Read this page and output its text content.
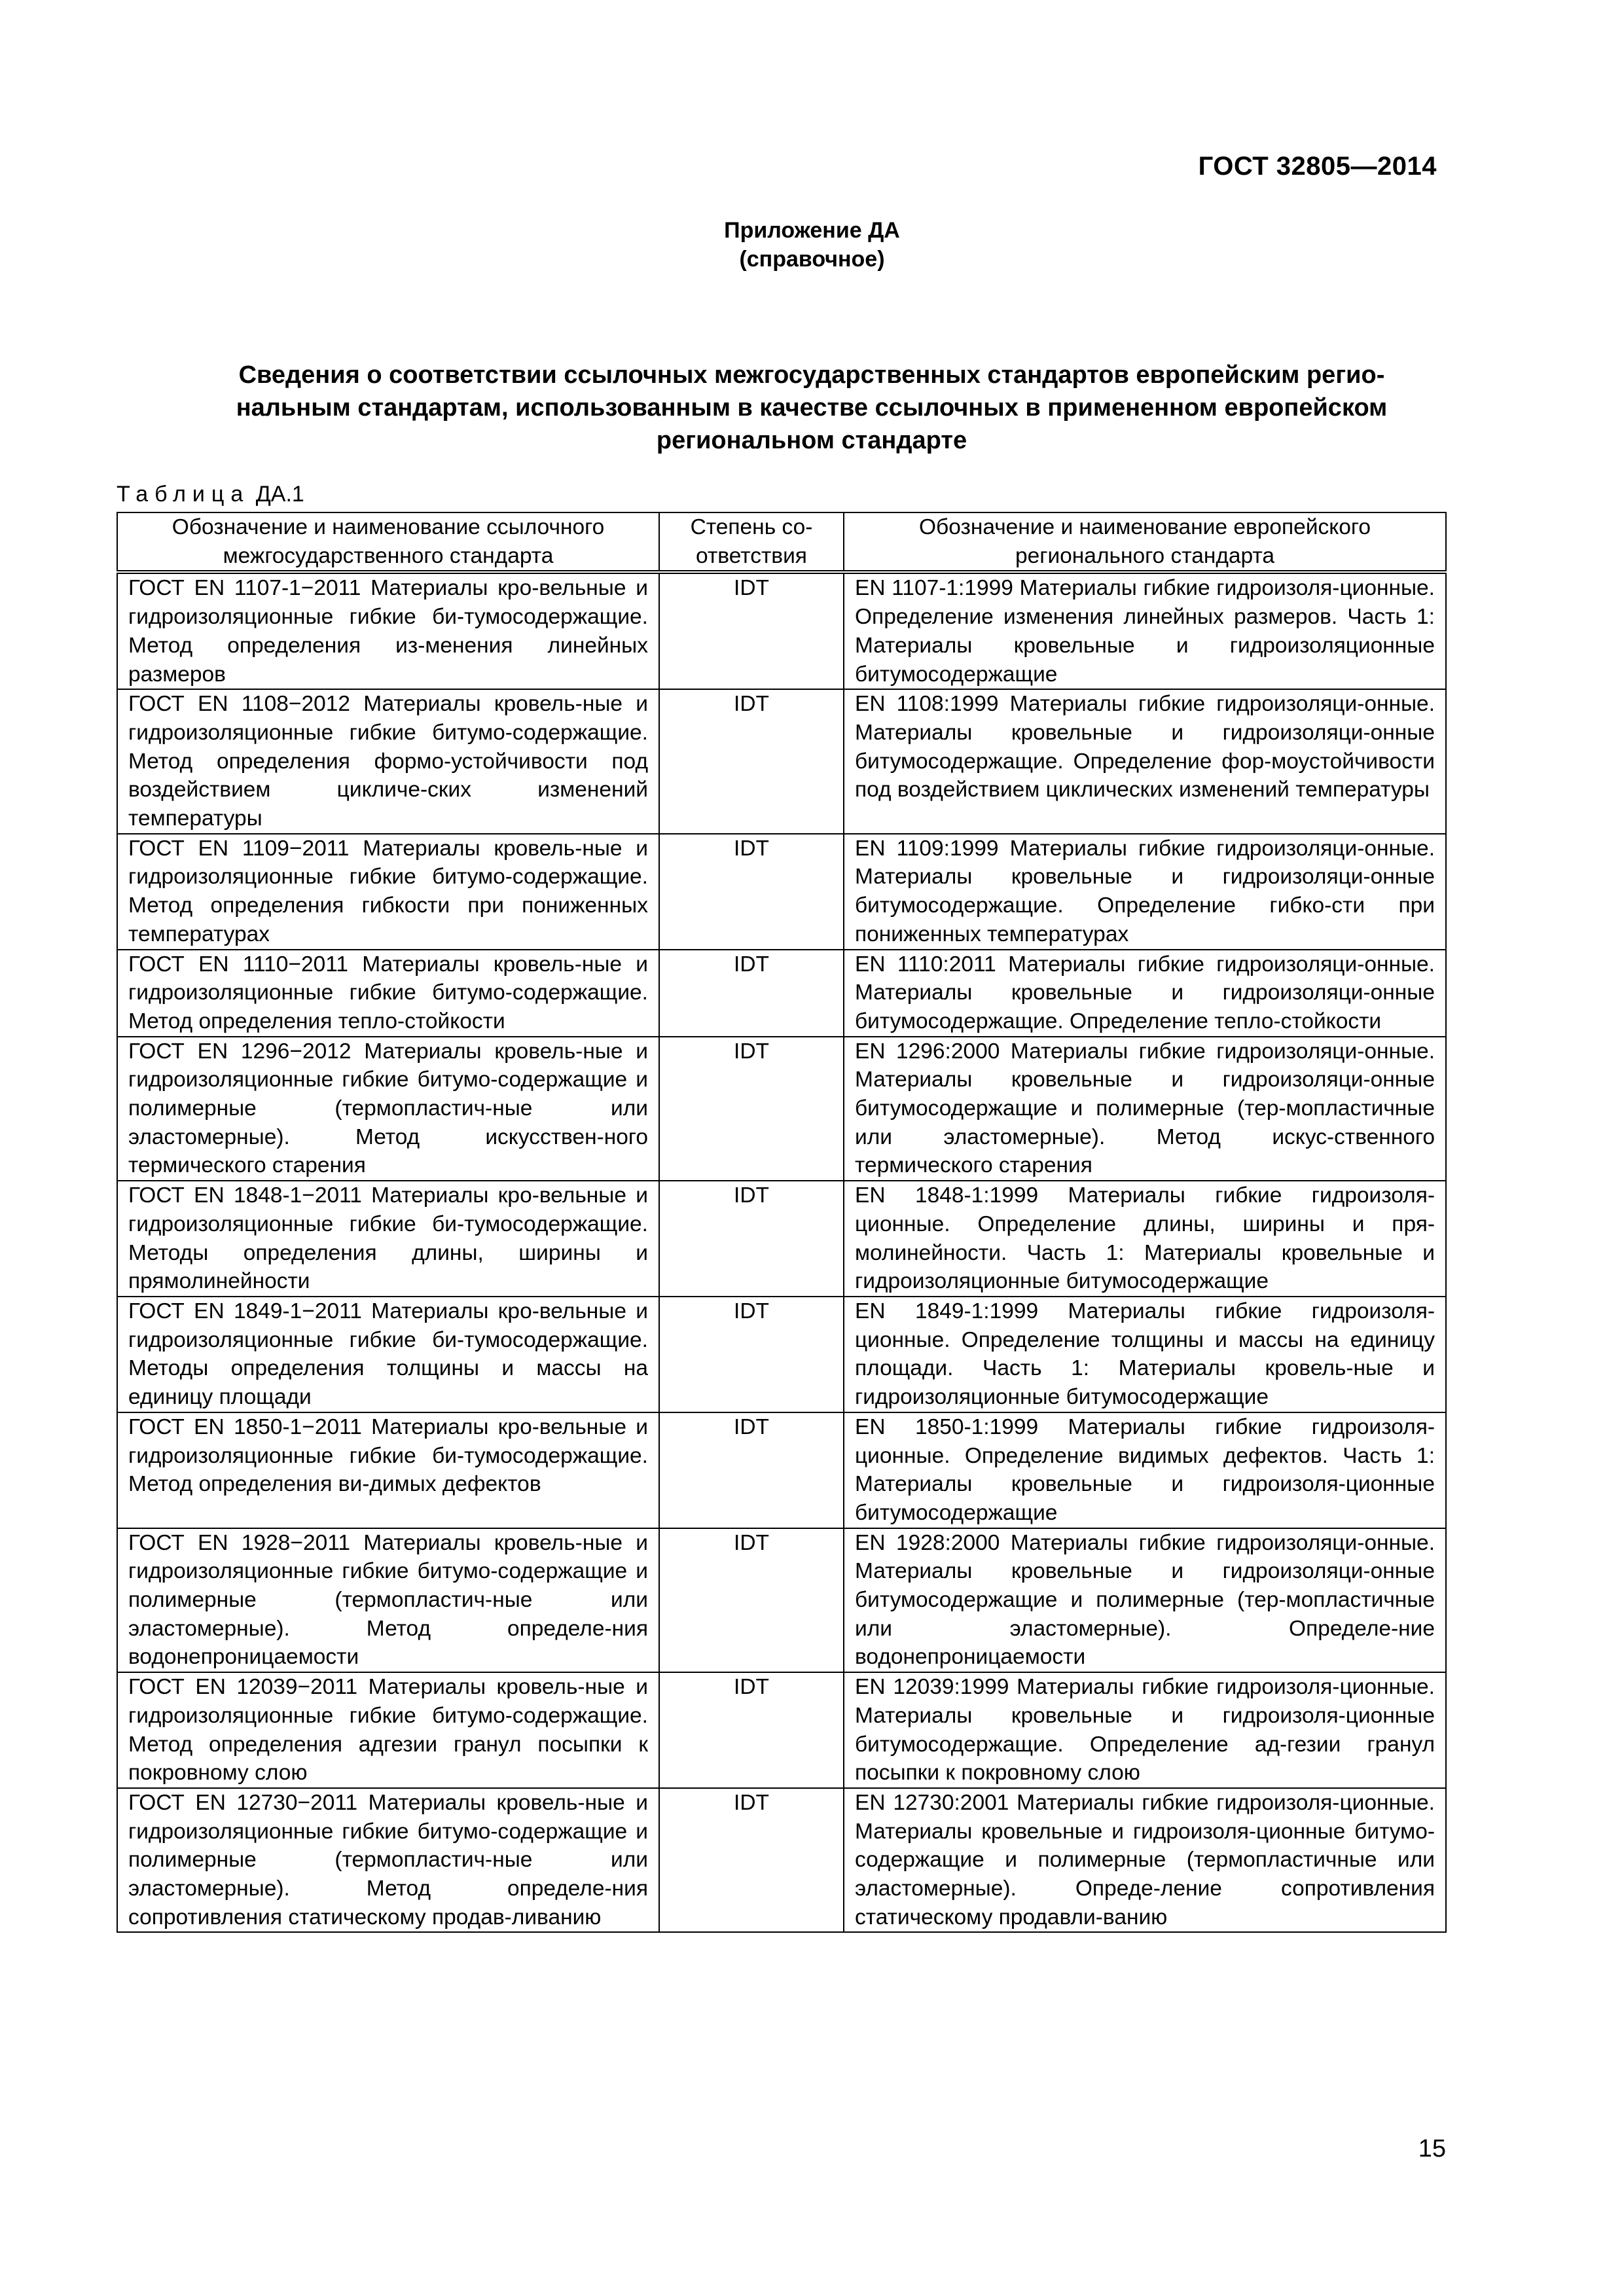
ГОСТ 32805—2014
Приложение ДА
(справочное)
Сведения о соответствии ссылочных межгосударственных стандартов европейским регио-
нальным стандартам, использованным в качестве ссылочных в примененном европейском
региональном стандарте
Таблица ДА.1
Обозначение и наименование ссылочного межгосударственного стандарта	Степень со-ответствия	Обозначение и наименование европейского регионального стандарта
ГОСТ EN 1107-1−2011 Материалы кро-вельные и гидроизоляционные гибкие би-тумосодержащие. Метод определения из-менения линейных размеров	IDT	EN 1107-1:1999 Материалы гибкие гидроизоля-ционные. Определение изменения линейных размеров. Часть 1: Материалы кровельные и гидроизоляционные битумосодержащие
ГОСТ EN 1108−2012 Материалы кровель-ные и гидроизоляционные гибкие битумо-содержащие. Метод определения формо-устойчивости под воздействием цикличе-ских изменений температуры	IDT	EN 1108:1999 Материалы гибкие гидроизоляци-онные. Материалы кровельные и гидроизоляци-онные битумосодержащие. Определение фор-моустойчивости под воздействием циклических изменений температуры
ГОСТ EN 1109−2011 Материалы кровель-ные и гидроизоляционные гибкие битумо-содержащие. Метод определения гибкости при пониженных температурах	IDT	EN 1109:1999 Материалы гибкие гидроизоляци-онные. Материалы кровельные и гидроизоляци-онные битумосодержащие. Определение гибко-сти при пониженных температурах
ГОСТ EN 1110−2011 Материалы кровель-ные и гидроизоляционные гибкие битумо-содержащие. Метод определения тепло-стойкости	IDT	EN 1110:2011 Материалы гибкие гидроизоляци-онные. Материалы кровельные и гидроизоляци-онные битумосодержащие. Определение тепло-стойкости
ГОСТ EN 1296−2012 Материалы кровель-ные и гидроизоляционные гибкие битумо-содержащие и полимерные (термопластич-ные или эластомерные). Метод искусствен-ного термического старения	IDT	EN 1296:2000 Материалы гибкие гидроизоляци-онные. Материалы кровельные и гидроизоляци-онные битумосодержащие и полимерные (тер-мопластичные или эластомерные). Метод искус-ственного термического старения
ГОСТ EN 1848-1−2011 Материалы кро-вельные и гидроизоляционные гибкие би-тумосодержащие. Методы определения длины, ширины и прямолинейности	IDT	EN 1848-1:1999 Материалы гибкие гидроизоля-ционные. Определение длины, ширины и пря-молинейности. Часть 1: Материалы кровельные и гидроизоляционные битумосодержащие
ГОСТ EN 1849-1−2011 Материалы кро-вельные и гидроизоляционные гибкие би-тумосодержащие. Методы определения толщины и массы на единицу площади	IDT	EN 1849-1:1999 Материалы гибкие гидроизоля-ционные. Определение толщины и массы на единицу площади. Часть 1: Материалы кровель-ные и гидроизоляционные битумосодержащие
ГОСТ EN 1850-1−2011 Материалы кро-вельные и гидроизоляционные гибкие би-тумосодержащие. Метод определения ви-димых дефектов	IDT	EN 1850-1:1999 Материалы гибкие гидроизоля-ционные. Определение видимых дефектов. Часть 1: Материалы кровельные и гидроизоля-ционные битумосодержащие
ГОСТ EN 1928−2011 Материалы кровель-ные и гидроизоляционные гибкие битумо-содержащие и полимерные (термопластич-ные или эластомерные). Метод определе-ния водонепроницаемости	IDT	EN 1928:2000 Материалы гибкие гидроизоляци-онные. Материалы кровельные и гидроизоляци-онные битумосодержащие и полимерные (тер-мопластичные или эластомерные). Определе-ние водонепроницаемости
ГОСТ EN 12039−2011 Материалы кровель-ные и гидроизоляционные гибкие битумо-содержащие. Метод определения адгезии гранул посыпки к покровному слою	IDT	EN 12039:1999 Материалы гибкие гидроизоля-ционные. Материалы кровельные и гидроизоля-ционные битумосодержащие. Определение ад-гезии гранул посыпки к покровному слою
ГОСТ EN 12730−2011 Материалы кровель-ные и гидроизоляционные гибкие битумо-содержащие и полимерные (термопластич-ные или эластомерные). Метод определе-ния сопротивления статическому продав-ливанию	IDT	EN 12730:2001 Материалы гибкие гидроизоля-ционные. Материалы кровельные и гидроизоля-ционные битумо-содержащие и полимерные (термопластичные или эластомерные). Опреде-ление сопротивления статическому продавли-ванию
15
